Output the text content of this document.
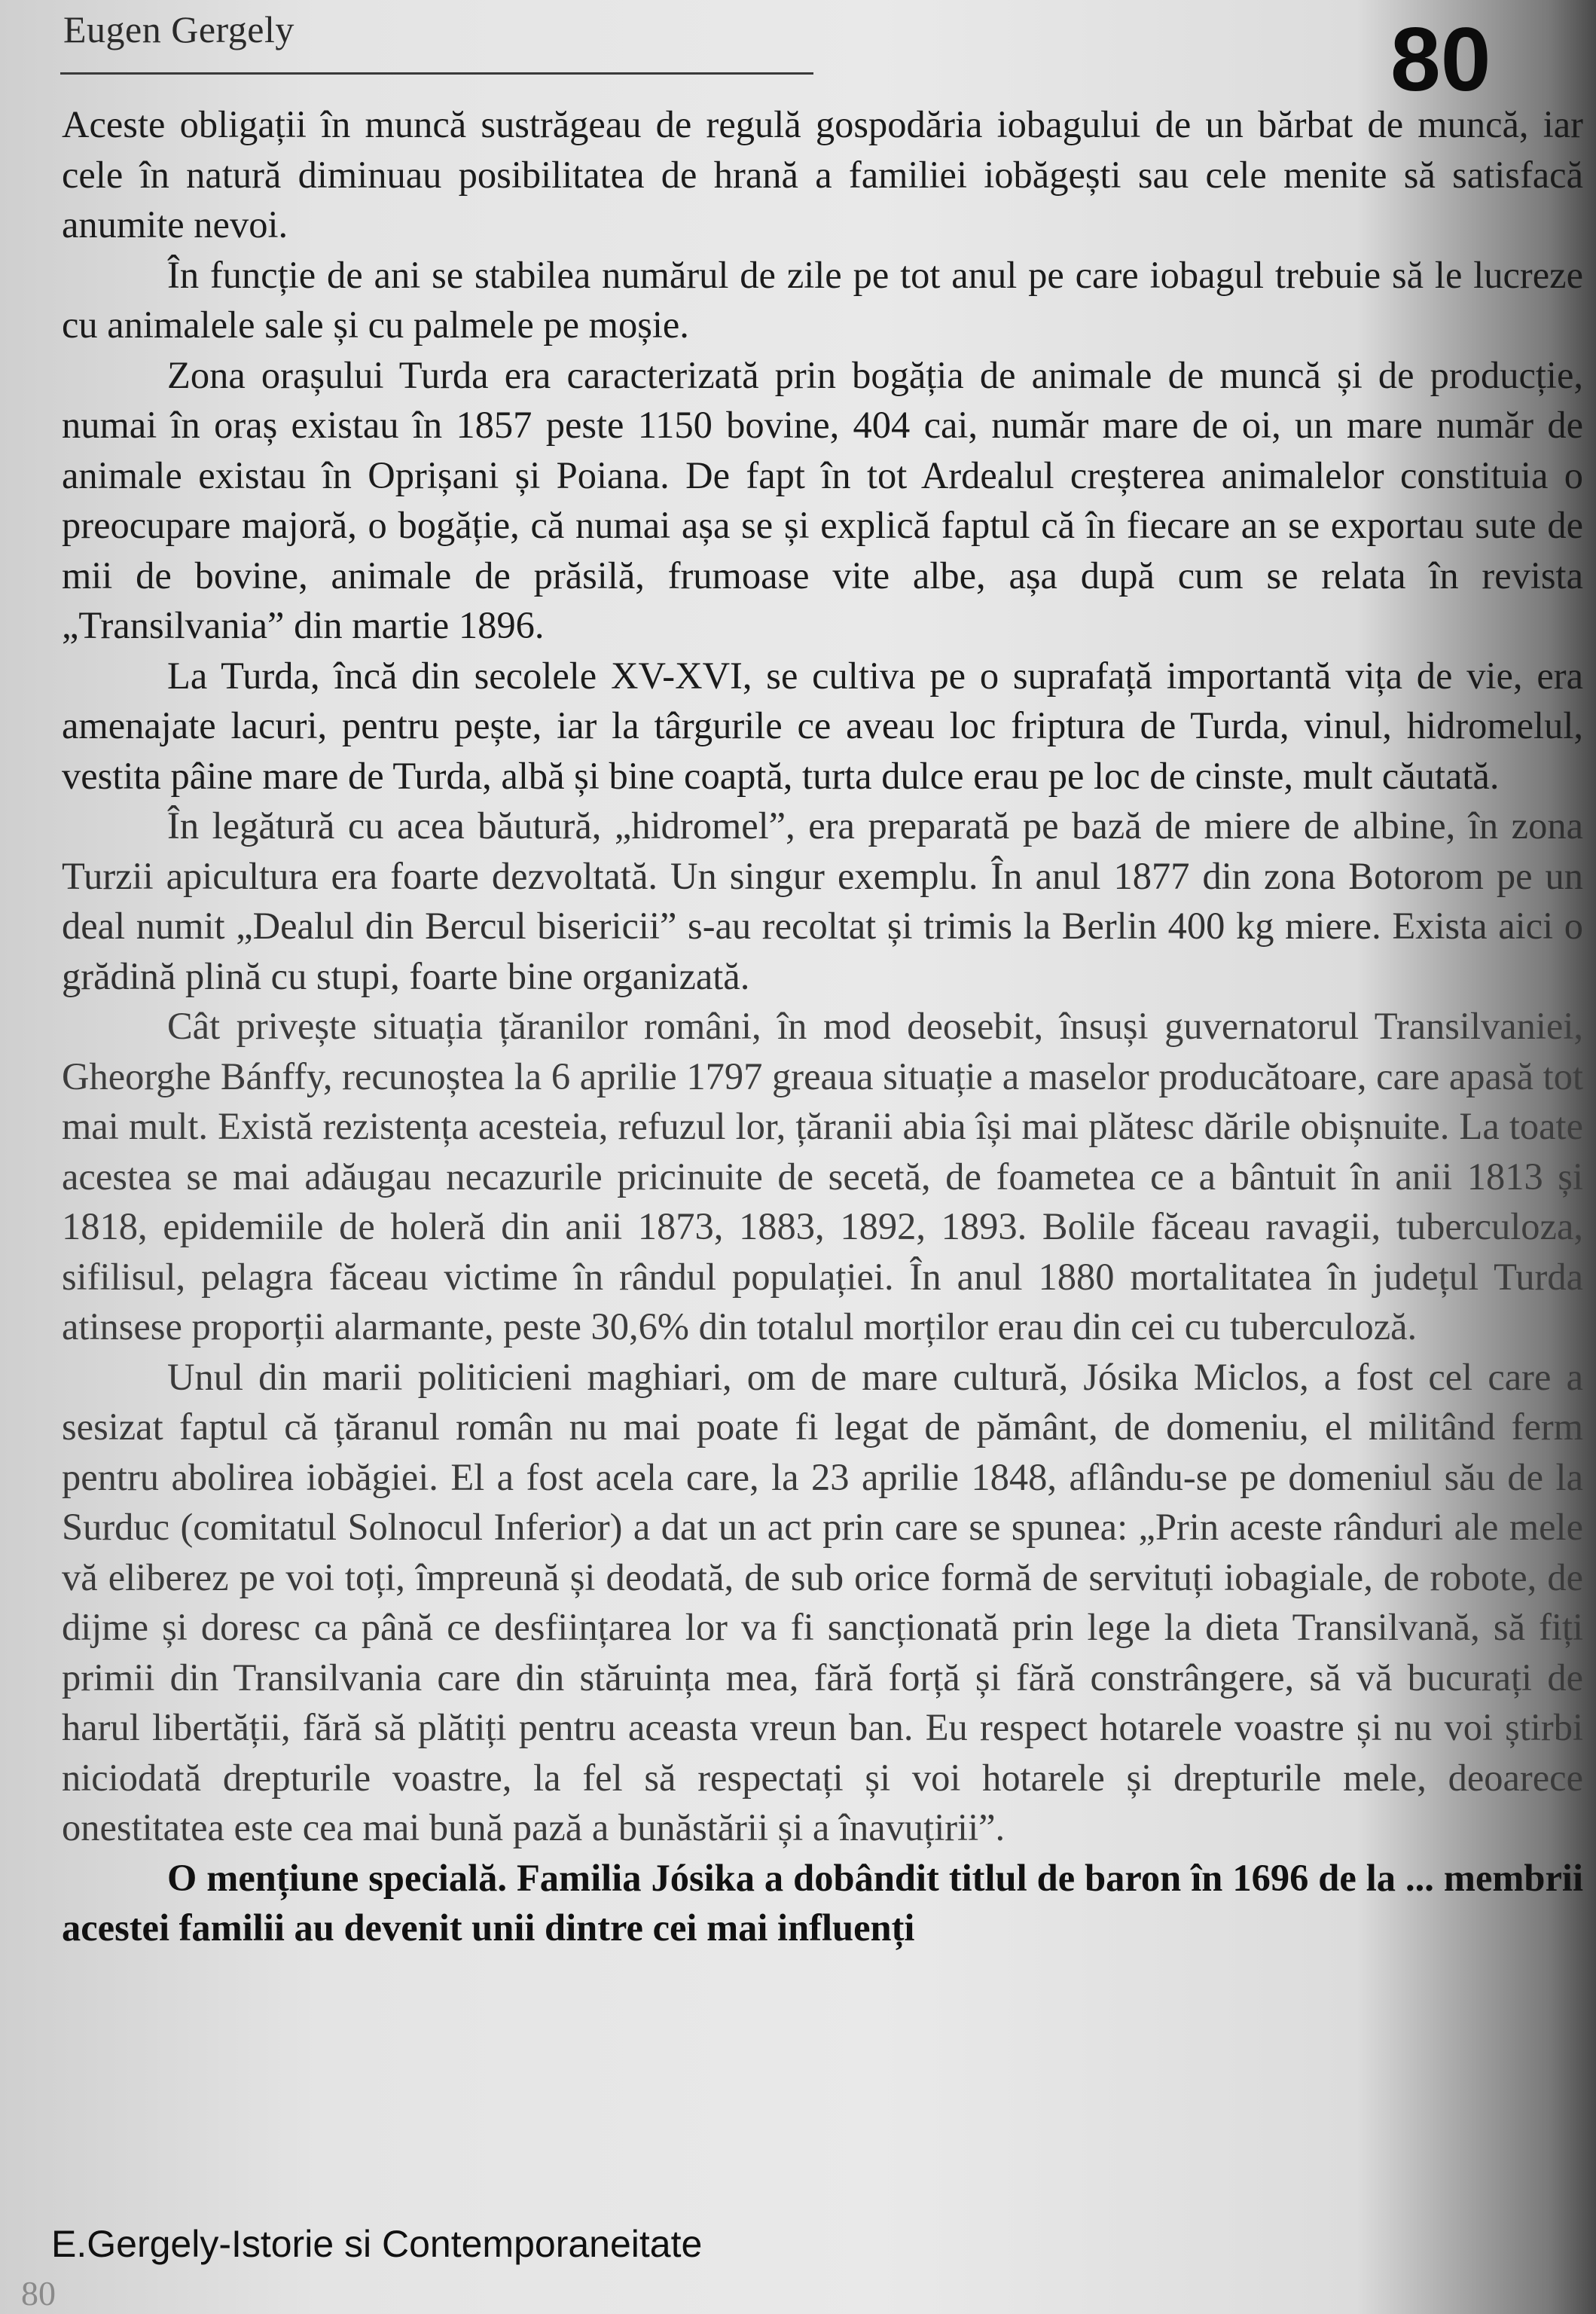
Eugen Gergely	80

Aceste obligații în muncă sustrăgeau de regulă gospodăria iobagului de un bărbat de muncă, iar cele în natură diminuau posibilitatea de hrană a familiei iobăgești sau cele menite să satisfacă anumite nevoi.

În funcție de ani se stabilea numărul de zile pe tot anul pe care iobagul trebuie să le lucreze cu animalele sale și cu palmele pe moșie.

Zona orașului Turda era caracterizată prin bogăția de animale de muncă și de producție, numai în oraș existau în 1857 peste 1150 bovine, 404 cai, număr mare de oi, un mare număr de animale existau în Oprișani și Poiana. De fapt în tot Ardealul creșterea animalelor constituia o preocupare majoră, o bogăție, că numai așa se și explică faptul că în fiecare an se exportau sute de mii de bovine, animale de prăsilă, frumoase vite albe, așa după cum se relata în revista „Transilvania” din martie 1896.

La Turda, încă din secolele XV-XVI, se cultiva pe o suprafață importantă vița de vie, era amenajate lacuri, pentru pește, iar la târgurile ce aveau loc friptura de Turda, vinul, hidromelul, vestita pâine mare de Turda, albă și bine coaptă, turta dulce erau pe loc de cinste, mult căutată.

În legătură cu acea băutură, „hidromel”, era preparată pe bază de miere de albine, în zona Turzii apicultura era foarte dezvoltată. Un singur exemplu. În anul 1877 din zona Botorom pe un deal numit „Dealul din Bercul bisericii” s-au recoltat și trimis la Berlin 400 kg miere. Exista aici o grădină plină cu stupi, foarte bine organizată.

Cât privește situația țăranilor români, în mod deosebit, însuși guvernatorul Transilvaniei, Gheorghe Bánffy, recunoștea la 6 aprilie 1797 greaua situație a maselor producătoare, care apasă tot mai mult. Există rezistența acesteia, refuzul lor, țăranii abia își mai plătesc dările obișnuite. La toate acestea se mai adăugau necazurile pricinuite de secetă, de foametea ce a bântuit în anii 1813 și 1818, epidemiile de holeră din anii 1873, 1883, 1892, 1893. Bolile făceau ravagii, tuberculoza, sifilisul, pelagra făceau victime în rândul populației. În anul 1880 mortalitatea în județul Turda atinsese proporții alarmante, peste 30,6% din totalul morților erau din cei cu tuberculoză.

Unul din marii politicieni maghiari, om de mare cultură, Jósika Miclos, a fost cel care a sesizat faptul că țăranul român nu mai poate fi legat de pământ, de domeniu, el militând ferm pentru abolirea iobăgiei. El a fost acela care, la 23 aprilie 1848, aflându-se pe domeniul său de la Surduc (comitatul Solnocul Inferior) a dat un act prin care se spunea: „Prin aceste rânduri ale mele vă eliberez pe voi toți, împreună și deodată, de sub orice formă de servituți iobagiale, de robote, de dijme și doresc ca până ce desființarea lor va fi sancționată prin lege la dieta Transilvană, să fiți primii din Transilvania care din stăruința mea, fără forță și fără constrângere, să vă bucurați de harul libertății, fără să plătiți pentru aceasta vreun ban. Eu respect hotarele voastre și nu voi știrbi niciodată drepturile voastre, la fel să respectați și voi hotarele și drepturile mele, deoarece onestitatea este cea mai bună pază a bunăstării și a înavuțirii”.

O mențiune specială. Familia Jósika a dobândit titlul de baron în 1696 de la ... membrii acestei familii au devenit unii dintre cei mai influenți

E.Gergely-Istorie si Contemporaneitate
80
